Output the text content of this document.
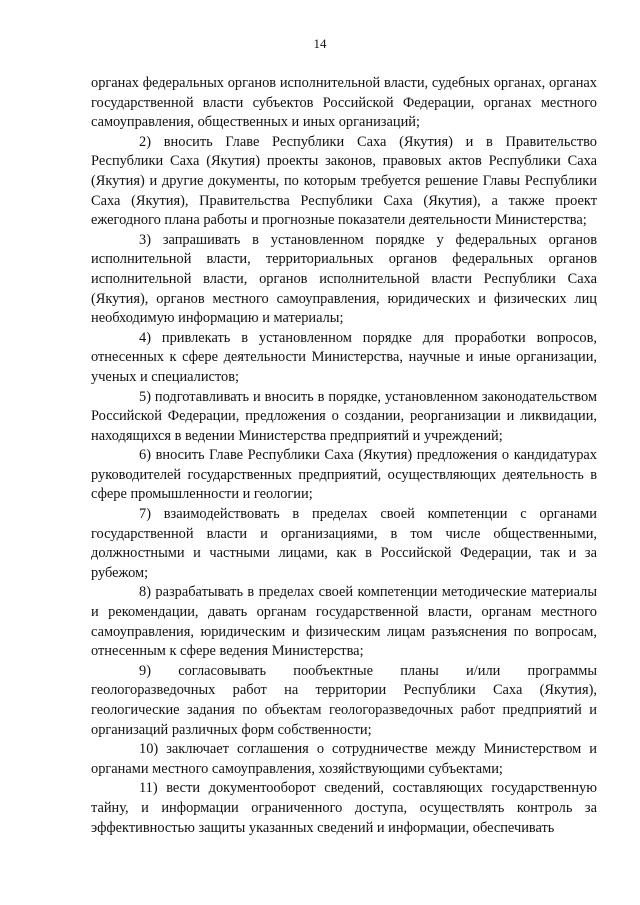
14

органах федеральных органов исполнительной власти, судебных органах, органах государственной власти субъектов Российской Федерации, органах местного самоуправления, общественных и иных организаций;

2) вносить Главе Республики Саха (Якутия) и в Правительство Республики Саха (Якутия) проекты законов, правовых актов Республики Саха (Якутия) и другие документы, по которым требуется решение Главы Республики Саха (Якутия), Правительства Республики Саха (Якутия), а также проект ежегодного плана работы и прогнозные показатели деятельности Министерства;

3) запрашивать в установленном порядке у федеральных органов исполнительной власти, территориальных органов федеральных органов исполнительной власти, органов исполнительной власти Республики Саха (Якутия), органов местного самоуправления, юридических и физических лиц необходимую информацию и материалы;

4) привлекать в установленном порядке для проработки вопросов, отнесенных к сфере деятельности Министерства, научные и иные организации, ученых и специалистов;

5) подготавливать и вносить в порядке, установленном законодательством Российской Федерации, предложения о создании, реорганизации и ликвидации, находящихся в ведении Министерства предприятий и учреждений;

6) вносить Главе Республики Саха (Якутия) предложения о кандидатурах руководителей государственных предприятий, осуществляющих деятельность в сфере промышленности и геологии;

7) взаимодействовать в пределах своей компетенции с органами государственной власти и организациями, в том числе общественными, должностными и частными лицами, как в Российской Федерации, так и за рубежом;

8) разрабатывать в пределах своей компетенции методические материалы и рекомендации, давать органам государственной власти, органам местного самоуправления, юридическим и физическим лицам разъяснения по вопросам, отнесенным к сфере ведения Министерства;

9) согласовывать пообъектные планы и/или программы геологоразведочных работ на территории Республики Саха (Якутия), геологические задания по объектам геологоразведочных работ предприятий и организаций различных форм собственности;

10) заключает соглашения о сотрудничестве между Министерством и органами местного самоуправления, хозяйствующими субъектами;

11) вести документооборот сведений, составляющих государственную тайну, и информации ограниченного доступа, осуществлять контроль за эффективностью защиты указанных сведений и информации, обеспечивать
